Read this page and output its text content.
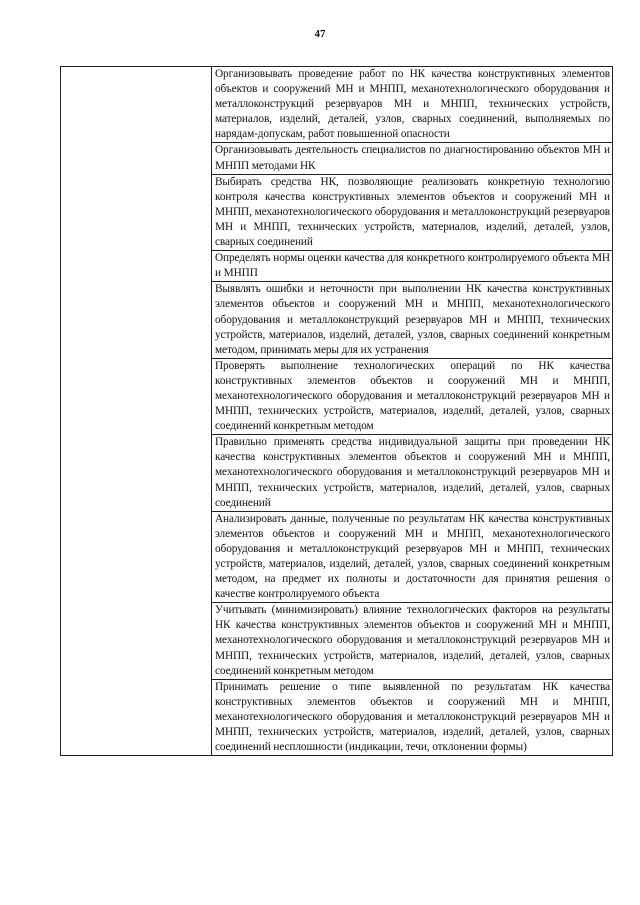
47

Организовывать проведение работ по НК качества конструктивных элементов объектов и сооружений МН и МНПП, механотехнологического оборудования и металлоконструкций резервуаров МН и МНПП, технических устройств, материалов, изделий, деталей, узлов, сварных соединений, выполняемых по нарядам-допускам, работ повышенной опасности
Организовывать деятельность специалистов по диагностированию объектов МН и МНПП методами НК
Выбирать средства НК, позволяющие реализовать конкретную технологию контроля качества конструктивных элементов объектов и сооружений МН и МНПП, механотехнологического оборудования и металлоконструкций резервуаров МН и МНПП, технических устройств, материалов, изделий, деталей, узлов, сварных соединений
Определять нормы оценки качества для конкретного контролируемого объекта МН и МНПП
Выявлять ошибки и неточности при выполнении НК качества конструктивных элементов объектов и сооружений МН и МНПП, механотехнологического оборудования и металлоконструкций резервуаров МН и МНПП, технических устройств, материалов, изделий, деталей, узлов, сварных соединений конкретным методом, принимать меры для их устранения
Проверять выполнение технологических операций по НК качества конструктивных элементов объектов и сооружений МН и МНПП, механотехнологического оборудования и металлоконструкций резервуаров МН и МНПП, технических устройств, материалов, изделий, деталей, узлов, сварных соединений конкретным методом
Правильно применять средства индивидуальной защиты при проведении НК качества конструктивных элементов объектов и сооружений МН и МНПП, механотехнологического оборудования и металлоконструкций резервуаров МН и МНПП, технических устройств, материалов, изделий, деталей, узлов, сварных соединений
Анализировать данные, полученные по результатам НК качества конструктивных элементов объектов и сооружений МН и МНПП, механотехнологического оборудования и металлоконструкций резервуаров МН и МНПП, технических устройств, материалов, изделий, деталей, узлов, сварных соединений конкретным методом, на предмет их полноты и достаточности для принятия решения о качестве контролируемого объекта
Учитывать (минимизировать) влияние технологических факторов на результаты НК качества конструктивных элементов объектов и сооружений МН и МНПП, механотехнологического оборудования и металлоконструкций резервуаров МН и МНПП, технических устройств, материалов, изделий, деталей, узлов, сварных соединений конкретным методом
Принимать решение о типе выявленной по результатам НК качества конструктивных элементов объектов и сооружений МН и МНПП, механотехнологического оборудования и металлоконструкций резервуаров МН и МНПП, технических устройств, материалов, изделий, деталей, узлов, сварных соединений несплошности (индикации, течи, отклонении формы)
